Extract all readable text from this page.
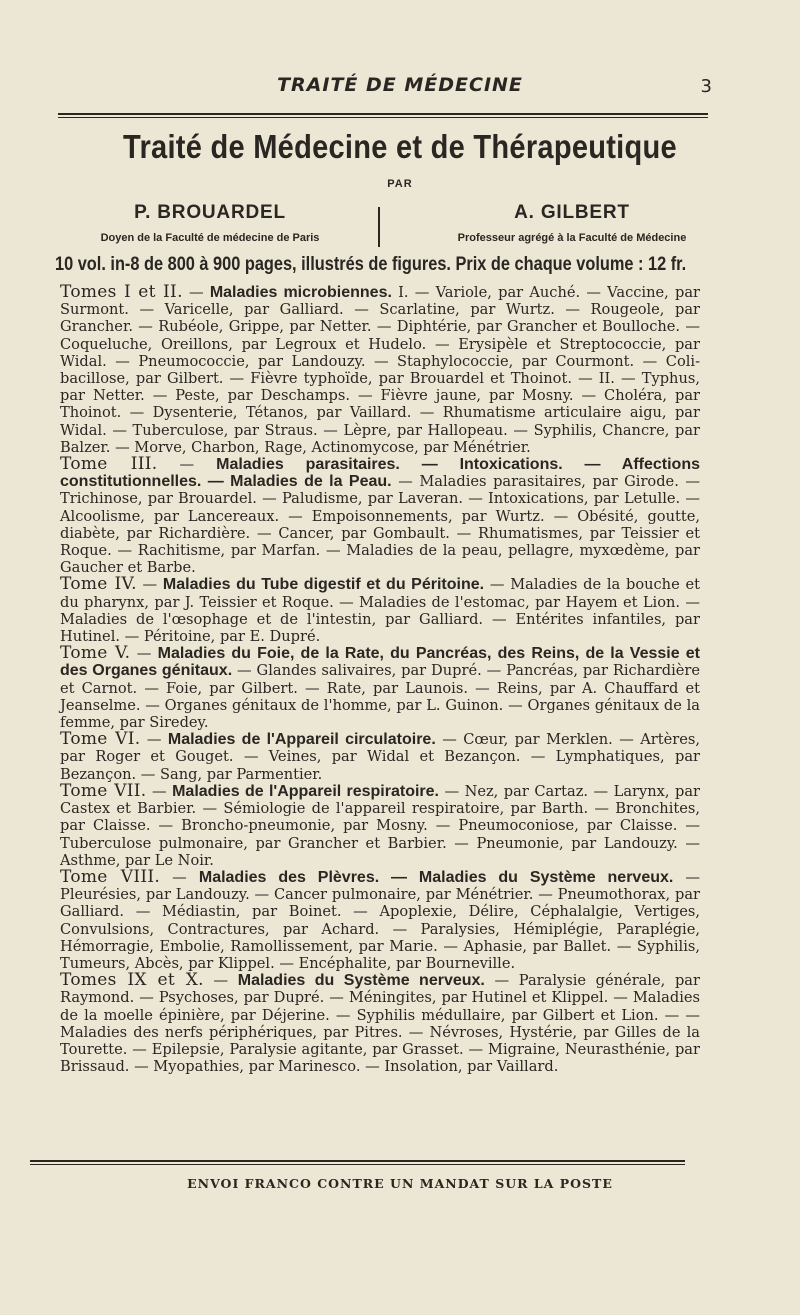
TRAITÉ DE MÉDECINE	3
Traité de Médecine et de Thérapeutique
PAR
P. BROUARDEL
Doyen de la Faculté de médecine de Paris
A. GILBERT
Professeur agrégé à la Faculté de Médecine
10 vol. in-8 de 800 à 900 pages, illustrés de figures. Prix de chaque volume : 12 fr.

Tomes I et II. — Maladies microbiennes. I. — Variole, par Auché. — Vaccine, par Surmont. — Varicelle, par Galliard. — Scarlatine, par Wurtz. — Rougeole, par Grancher. — Rubéole, Grippe, par Netter. — Diphtérie, par Grancher et Boulloche. — Coqueluche, Oreillons, par Legroux et Hudelo. — Erysipèle et Streptococcie, par Widal. — Pneumococcie, par Landouzy. — Staphylococcie, par Courmont. — Coli-bacillose, par Gilbert. — Fièvre typhoïde, par Brouardel et Thoinot. — II. — Typhus, par Netter. — Peste, par Deschamps. — Fièvre jaune, par Mosny. — Choléra, par Thoinot. — Dysenterie, Tétanos, par Vaillard. — Rhumatisme articulaire aigu, par Widal. — Tuberculose, par Straus. — Lèpre, par Hallopeau. — Syphilis, Chancre, par Balzer. — Morve, Charbon, Rage, Actinomycose, par Ménétrier.

Tome III. — Maladies parasitaires. — Intoxications. — Affections constitutionnelles. — Maladies de la Peau. — Maladies parasitaires, par Girode. — Trichinose, par Brouardel. — Paludisme, par Laveran. — Intoxications, par Letulle. — Alcoolisme, par Lancereaux. — Empoisonnements, par Wurtz. — Obésité, goutte, diabète, par Richardière. — Cancer, par Gombault. — Rhumatismes, par Teissier et Roque. — Rachitisme, par Marfan. — Maladies de la peau, pellagre, myxœdème, par Gaucher et Barbe.

Tome IV. — Maladies du Tube digestif et du Péritoine. — Maladies de la bouche et du pharynx, par J. Teissier et Roque. — Maladies de l'estomac, par Hayem et Lion. — Maladies de l'œsophage et de l'intestin, par Galliard. — Entérites infantiles, par Hutinel. — Péritoine, par E. Dupré.

Tome V. — Maladies du Foie, de la Rate, du Pancréas, des Reins, de la Vessie et des Organes génitaux. — Glandes salivaires, par Dupré. — Pancréas, par Richardière et Carnot. — Foie, par Gilbert. — Rate, par Launois. — Reins, par A. Chauffard et Jeanselme. — Organes génitaux de l'homme, par L. Guinon. — Organes génitaux de la femme, par Siredey.

Tome VI. — Maladies de l'Appareil circulatoire. — Cœur, par Merklen. — Artères, par Roger et Gouget. — Veines, par Widal et Bezançon. — Lymphatiques, par Bezançon. — Sang, par Parmentier.

Tome VII. — Maladies de l'Appareil respiratoire. — Nez, par Cartaz. — Larynx, par Castex et Barbier. — Sémiologie de l'appareil respiratoire, par Barth. — Bronchites, par Claisse. — Broncho-pneumonie, par Mosny. — Pneumoconiose, par Claisse. — Tuberculose pulmonaire, par Grancher et Barbier. — Pneumonie, par Landouzy. — Asthme, par Le Noir.

Tome VIII. — Maladies des Plèvres. — Maladies du Système nerveux. — Pleurésies, par Landouzy. — Cancer pulmonaire, par Ménétrier. — Pneumothorax, par Galliard. — Médiastin, par Boinet. — Apoplexie, Délire, Céphalalgie, Vertiges, Convulsions, Contractures, par Achard. — Paralysies, Hémiplégie, Paraplégie, Hémorragie, Embolie, Ramollissement, par Marie. — Aphasie, par Ballet. — Syphilis, Tumeurs, Abcès, par Klippel. — Encéphalite, par Bourneville.

Tomes IX et X. — Maladies du Système nerveux. — Paralysie générale, par Raymond. — Psychoses, par Dupré. — Méningites, par Hutinel et Klippel. — Maladies de la moelle épinière, par Déjerine. — Syphilis médullaire, par Gilbert et Lion. — — Maladies des nerfs périphériques, par Pitres. — Névroses, Hystérie, par Gilles de la Tourette. — Epilepsie, Paralysie agitante, par Grasset. — Migraine, Neurasthénie, par Brissaud. — Myopathies, par Marinesco. — Insolation, par Vaillard.

ENVOI FRANCO CONTRE UN MANDAT SUR LA POSTE
